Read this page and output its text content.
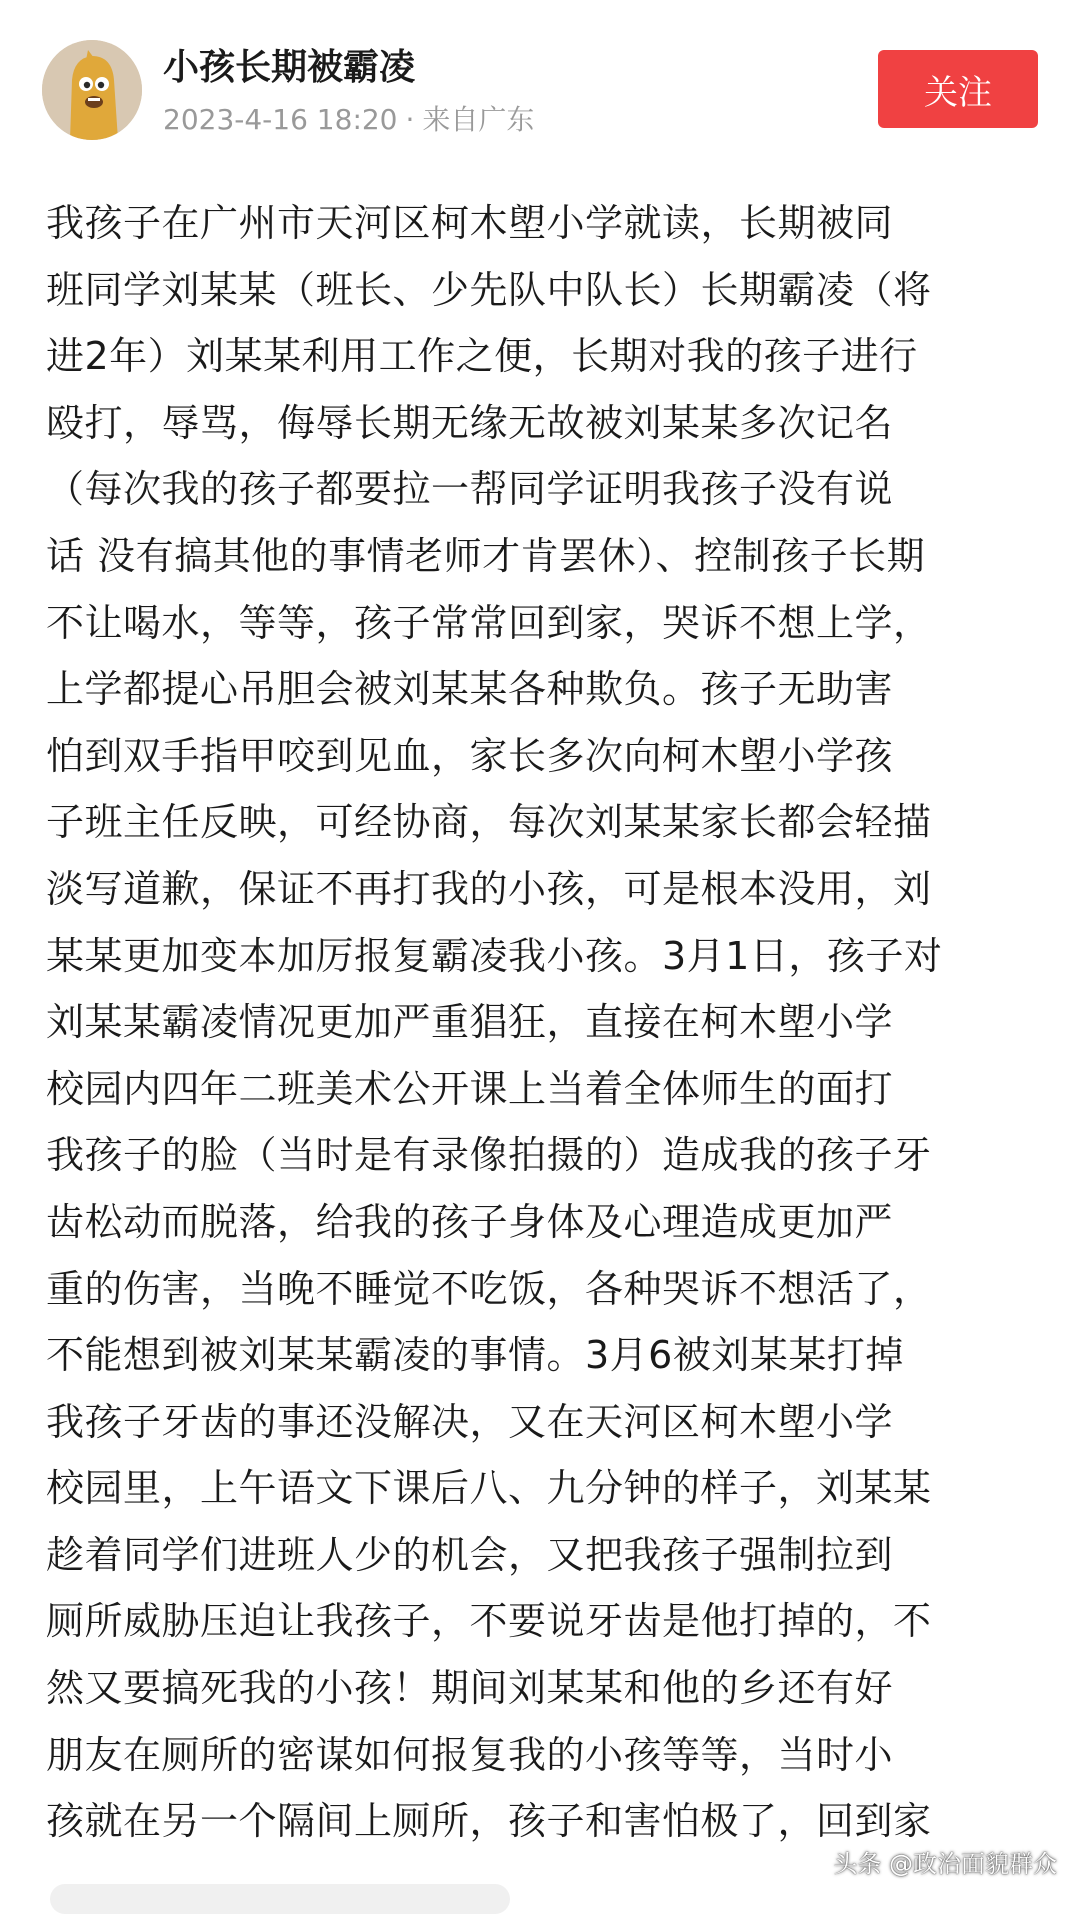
小孩长期被霸凌
2023-4-16 18:20 · 来自广东
关注
我孩子在广州市天河区柯木塱小学就读，长期被同
班同学刘某某（班长、少先队中队长）长期霸凌（将
进2年）刘某某利用工作之便，长期对我的孩子进行
殴打，辱骂，侮辱长期无缘无故被刘某某多次记名
（每次我的孩子都要拉一帮同学证明我孩子没有说
话 没有搞其他的事情老师才肯罢休）、控制孩子长期
不让喝水，等等，孩子常常回到家，哭诉不想上学，
上学都提心吊胆会被刘某某各种欺负。孩子无助害
怕到双手指甲咬到见血，家长多次向柯木塱小学孩
子班主任反映，可经协商，每次刘某某家长都会轻描
淡写道歉，保证不再打我的小孩，可是根本没用，刘
某某更加变本加厉报复霸凌我小孩。3月1日，孩子对
刘某某霸凌情况更加严重猖狂，直接在柯木塱小学
校园内四年二班美术公开课上当着全体师生的面打
我孩子的脸（当时是有录像拍摄的）造成我的孩子牙
齿松动而脱落，给我的孩子身体及心理造成更加严
重的伤害，当晚不睡觉不吃饭，各种哭诉不想活了，
不能想到被刘某某霸凌的事情。3月6被刘某某打掉
我孩子牙齿的事还没解决，又在天河区柯木塱小学
校园里，上午语文下课后八、九分钟的样子，刘某某
趁着同学们进班人少的机会，又把我孩子强制拉到
厕所威胁压迫让我孩子，不要说牙齿是他打掉的，不
然又要搞死我的小孩！期间刘某某和他的乡还有好
朋友在厕所的密谋如何报复我的小孩等等，当时小
孩就在另一个隔间上厕所，孩子和害怕极了，回到家
头条 @政治面貌群众
